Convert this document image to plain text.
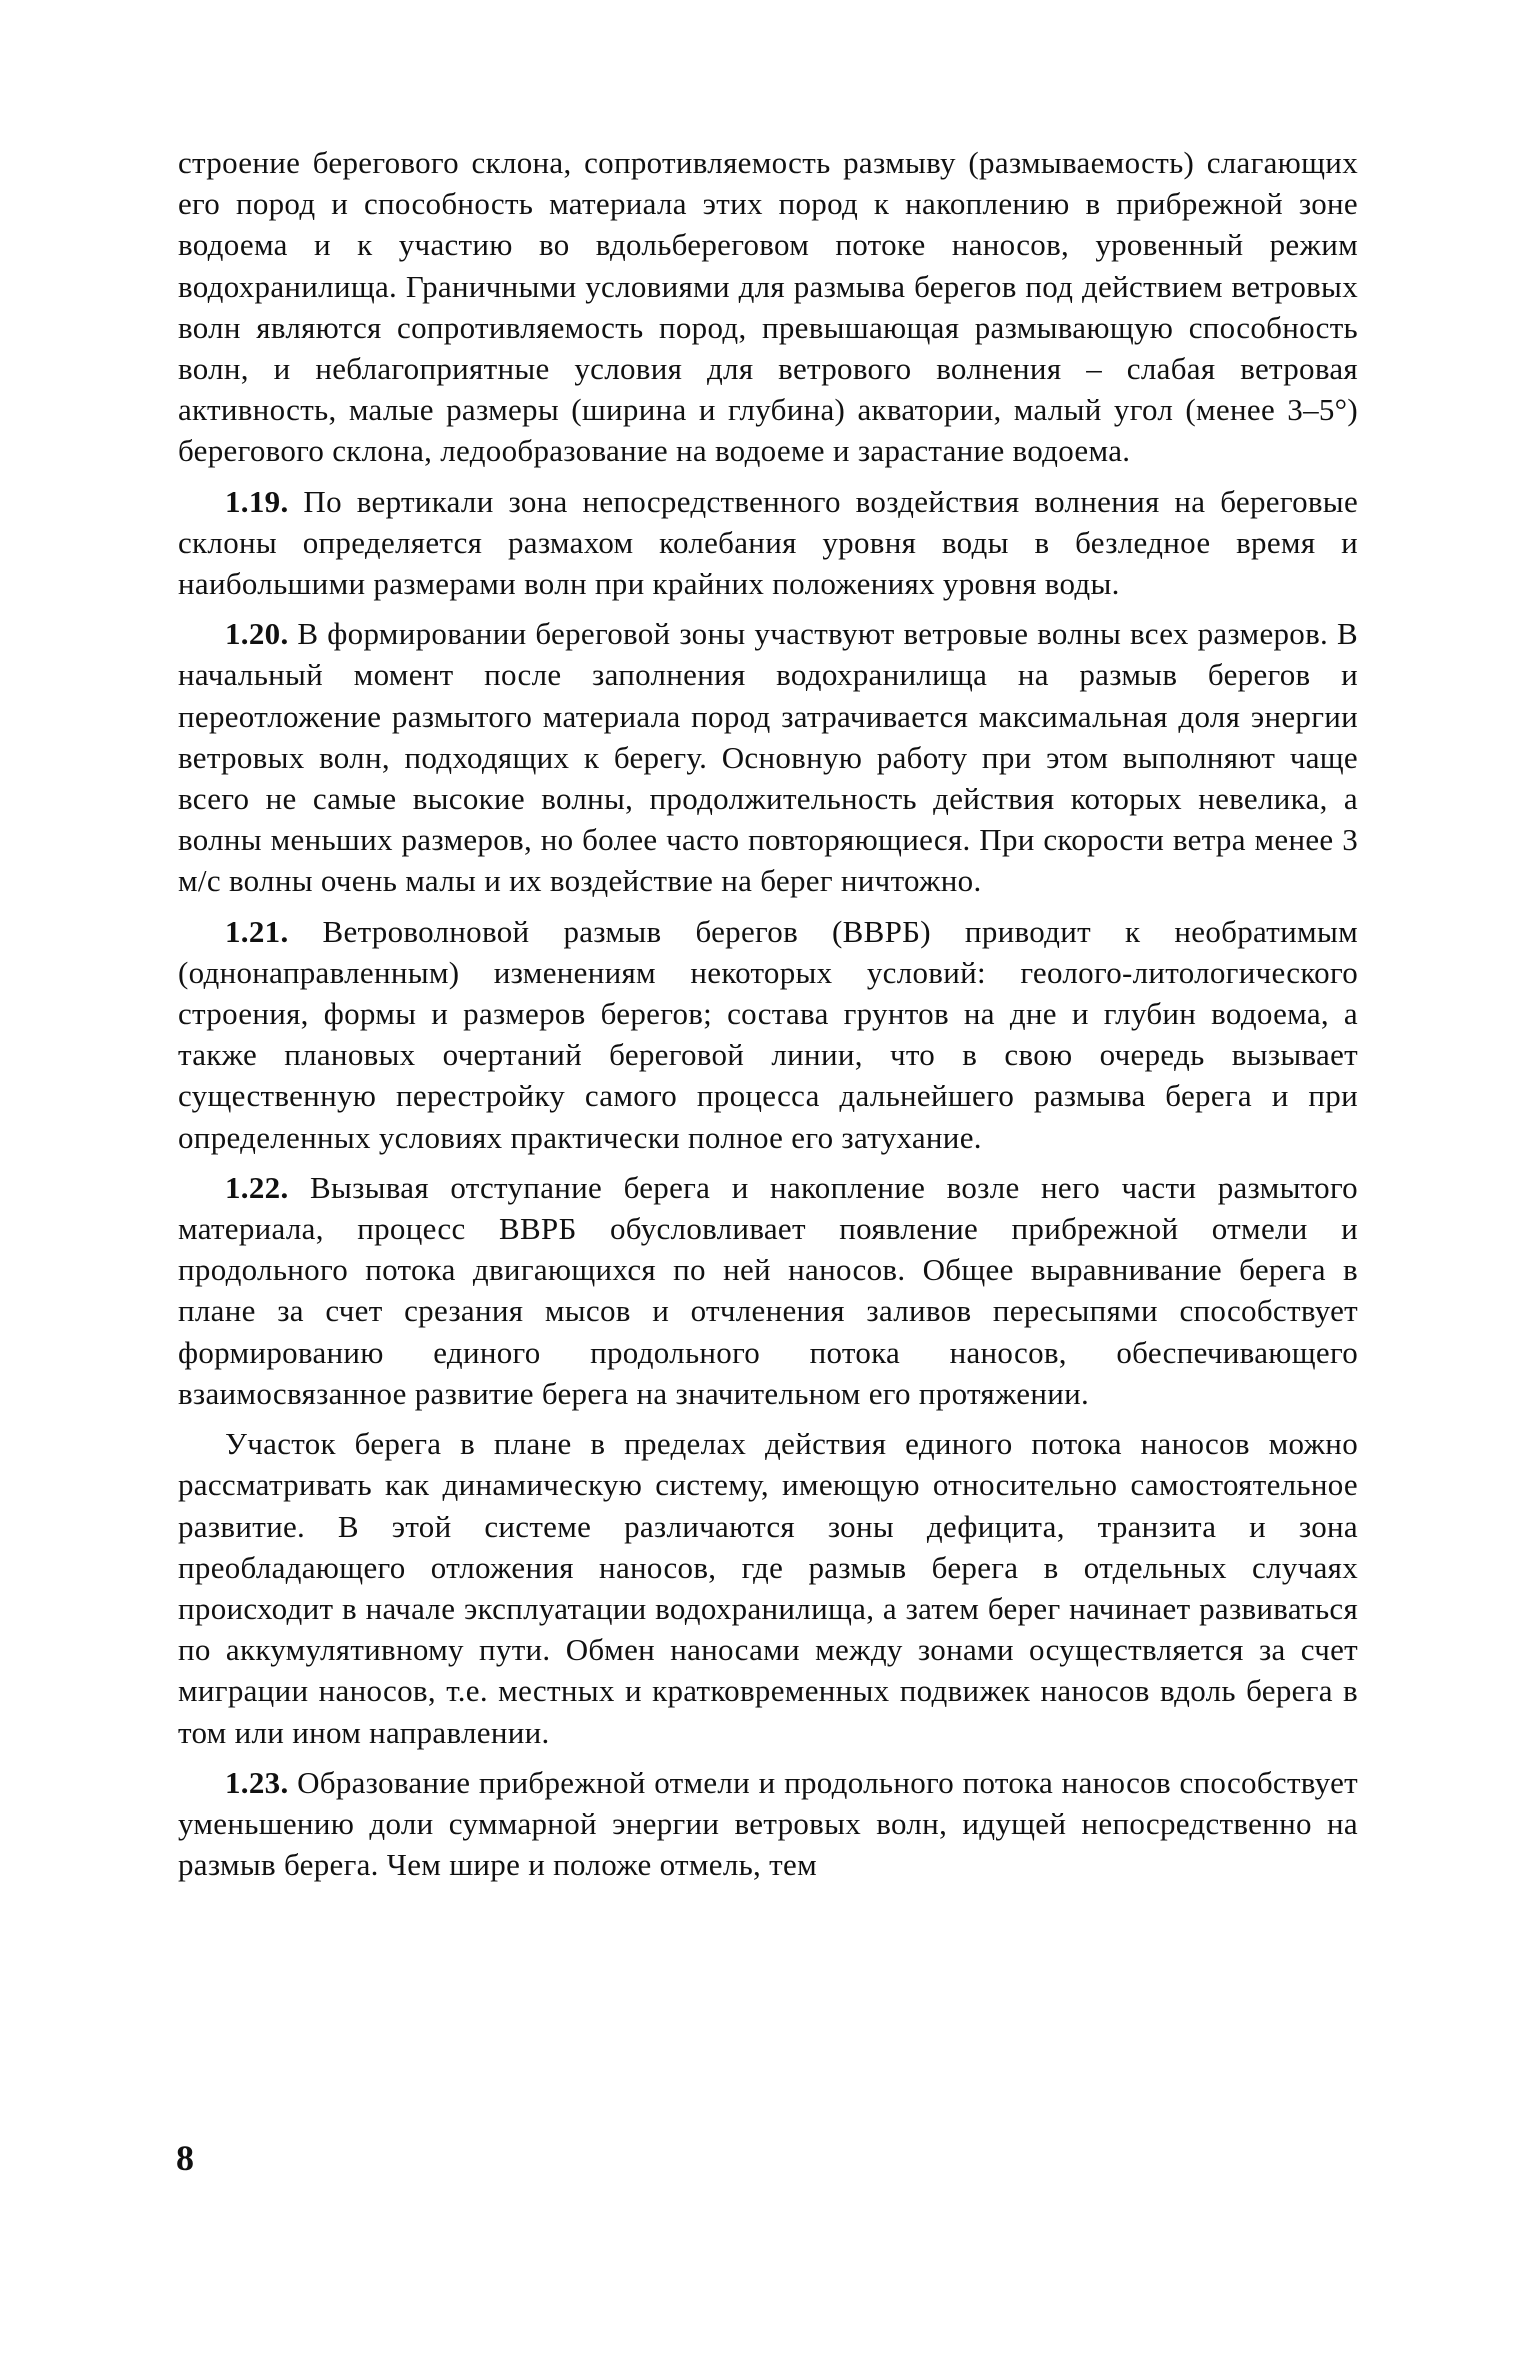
строение берегового склона, сопротивляемость размыву (размываемость) слагающих его пород и способность материала этих пород к накоплению в прибрежной зоне водоема и к участию во вдольбереговом потоке наносов, уровенный режим водохранилища. Граничными условиями для размыва берегов под действием ветровых волн являются сопротивляемость пород, превышающая размывающую способность волн, и неблагоприятные условия для ветрового волнения – слабая ветровая активность, малые размеры (ширина и глубина) акватории, малый угол (менее 3–5°) берегового склона, ледообразование на водоеме и зарастание водоема.

1.19. По вертикали зона непосредственного воздействия волнения на береговые склоны определяется размахом колебания уровня воды в безледное время и наибольшими размерами волн при крайних положениях уровня воды.

1.20. В формировании береговой зоны участвуют ветровые волны всех размеров. В начальный момент после заполнения водохранилища на размыв берегов и переотложение размытого материала пород затрачивается максимальная доля энергии ветровых волн, подходящих к берегу. Основную работу при этом выполняют чаще всего не самые высокие волны, продолжительность действия которых невелика, а волны меньших размеров, но более часто повторяющиеся. При скорости ветра менее 3 м/с волны очень малы и их воздействие на берег ничтожно.

1.21. Ветроволновой размыв берегов (ВВРБ) приводит к необратимым (однонаправленным) изменениям некоторых условий: геолого-литологического строения, формы и размеров берегов; состава грунтов на дне и глубин водоема, а также плановых очертаний береговой линии, что в свою очередь вызывает существенную перестройку самого процесса дальнейшего размыва берега и при определенных условиях практически полное его затухание.

1.22. Вызывая отступание берега и накопление возле него части размытого материала, процесс ВВРБ обусловливает появление прибрежной отмели и продольного потока двигающихся по ней наносов. Общее выравнивание берега в плане за счет срезания мысов и отчленения заливов пересыпями способствует формированию единого продольного потока наносов, обеспечивающего взаимосвязанное развитие берега на значительном его протяжении.

Участок берега в плане в пределах действия единого потока наносов можно рассматривать как динамическую систему, имеющую относительно самостоятельное развитие. В этой системе различаются зоны дефицита, транзита и зона преобладающего отложения наносов, где размыв берега в отдельных случаях происходит в начале эксплуатации водохранилища, а затем берег начинает развиваться по аккумулятивному пути. Обмен наносами между зонами осуществляется за счет миграции наносов, т.е. местных и кратковременных подвижек наносов вдоль берега в том или ином направлении.

1.23. Образование прибрежной отмели и продольного потока наносов способствует уменьшению доли суммарной энергии ветровых волн, идущей непосредственно на размыв берега. Чем шире и положе отмель, тем

8
